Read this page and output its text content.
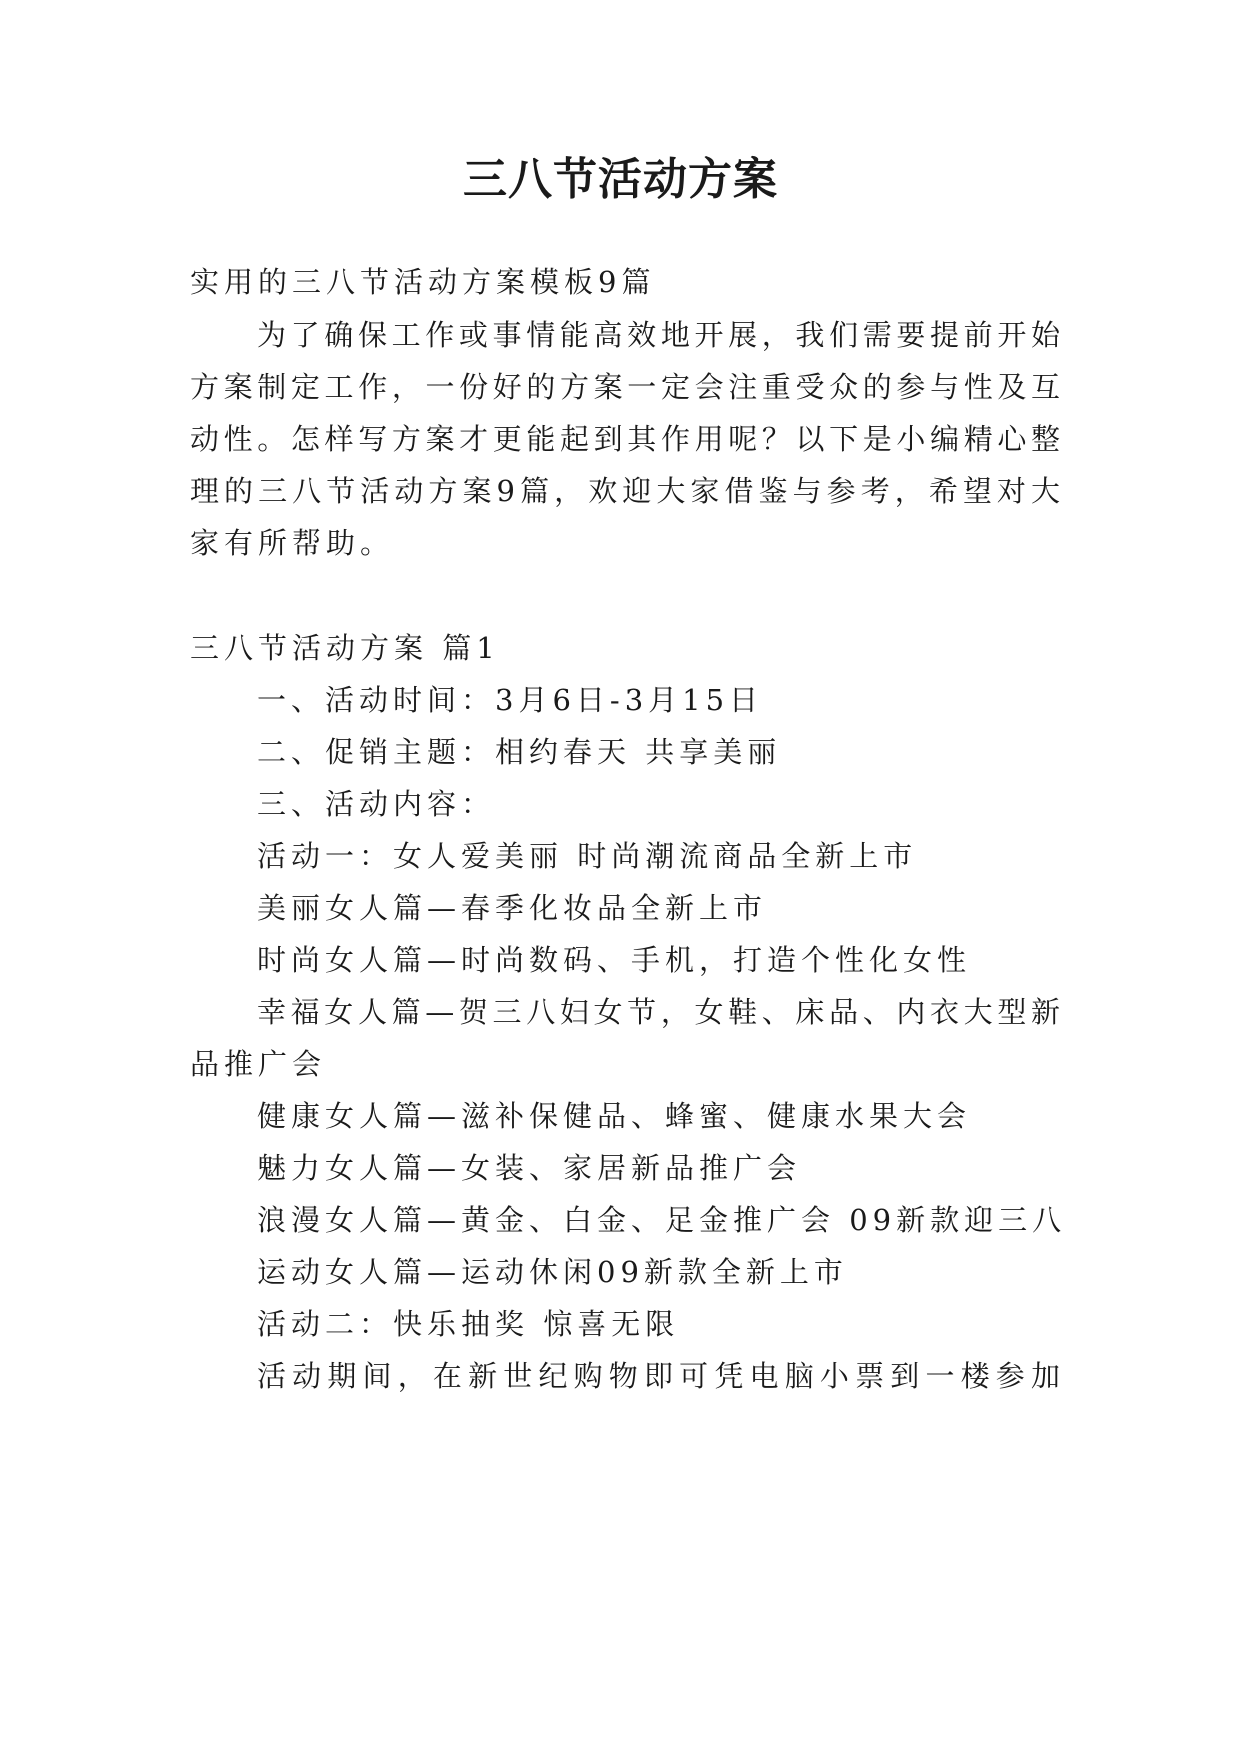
三八节活动方案

实用的三八节活动方案模板9篇

为了确保工作或事情能高效地开展，我们需要提前开始

方案制定工作，一份好的方案一定会注重受众的参与性及互

动性。怎样写方案才更能起到其作用呢？以下是小编精心整

理的三八节活动方案9篇，欢迎大家借鉴与参考，希望对大

家有所帮助。

三八节活动方案 篇1

一、活动时间：3月6日-3月15日

二、促销主题：相约春天 共享美丽

三、活动内容：

活动一：女人爱美丽 时尚潮流商品全新上市

美丽女人篇—春季化妆品全新上市

时尚女人篇—时尚数码、手机，打造个性化女性

幸福女人篇—贺三八妇女节，女鞋、床品、内衣大型新

品推广会

健康女人篇—滋补保健品、蜂蜜、健康水果大会

魅力女人篇—女装、家居新品推广会

浪漫女人篇—黄金、白金、足金推广会 09新款迎三八

运动女人篇—运动休闲09新款全新上市

活动二：快乐抽奖 惊喜无限

活动期间，在新世纪购物即可凭电脑小票到一楼参加
